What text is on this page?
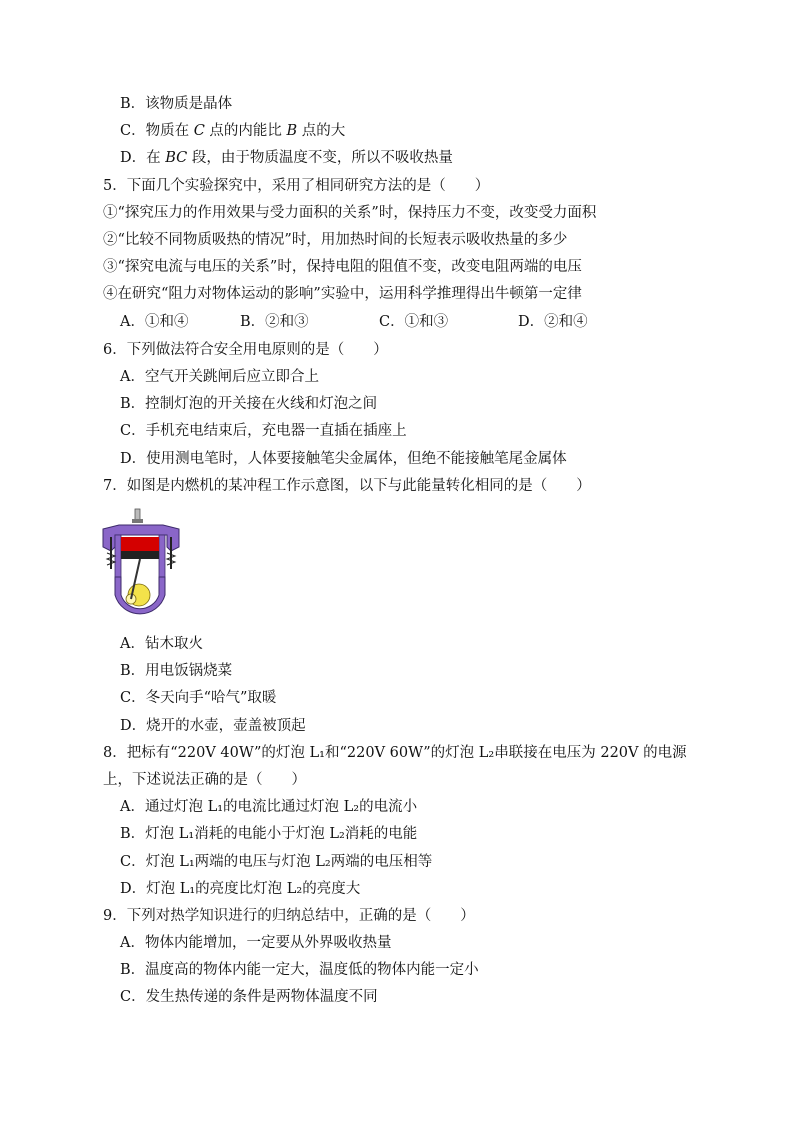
B．该物质是晶体
C．物质在 C 点的内能比 B 点的大
D．在 BC 段，由于物质温度不变，所以不吸收热量
5．下面几个实验探究中，采用了相同研究方法的是（　　）
①“探究压力的作用效果与受力面积的关系”时，保持压力不变，改变受力面积
②“比较不同物质吸热的情况”时，用加热时间的长短表示吸收热量的多少
③“探究电流与电压的关系”时，保持电阻的阻值不变，改变电阻两端的电压
④在研究“阻力对物体运动的影响”实验中，运用科学推理得出牛顿第一定律
A．①和④	B．②和③	C．①和③	D．②和④
6．下列做法符合安全用电原则的是（　　）
A．空气开关跳闸后应立即合上
B．控制灯泡的开关接在火线和灯泡之间
C．手机充电结束后，充电器一直插在插座上
D．使用测电笔时，人体要接触笔尖金属体，但绝不能接触笔尾金属体
7．如图是内燃机的某冲程工作示意图，以下与此能量转化相同的是（　　）
A．钻木取火
B．用电饭锅烧菜
C．冬天向手“哈气”取暖
D．烧开的水壶，壶盖被顶起
8．把标有“220V 40W”的灯泡 L₁和“220V 60W”的灯泡 L₂串联接在电压为 220V 的电源
上，下述说法正确的是（　　）
A．通过灯泡 L₁的电流比通过灯泡 L₂的电流小
B．灯泡 L₁消耗的电能小于灯泡 L₂消耗的电能
C．灯泡 L₁两端的电压与灯泡 L₂两端的电压相等
D．灯泡 L₁的亮度比灯泡 L₂的亮度大
9．下列对热学知识进行的归纳总结中，正确的是（　　）
A．物体内能增加，一定要从外界吸收热量
B．温度高的物体内能一定大，温度低的物体内能一定小
C．发生热传递的条件是两物体温度不同
